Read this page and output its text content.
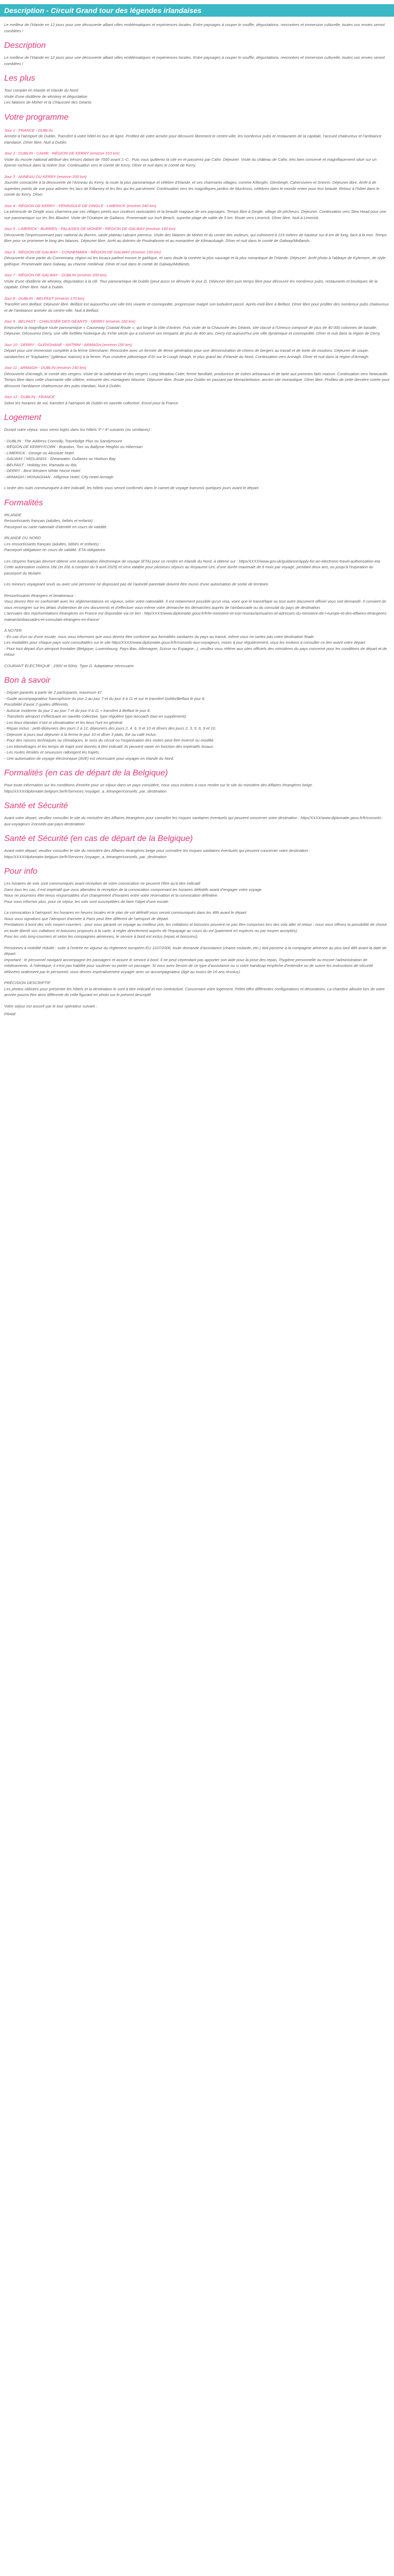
Description - Circuit Grand tour des légendes irlandaises

Le meilleur de l'Irlande en 12 jours pour une découverte alliant villes emblématiques et expériences locales. Entre paysages à couper le souffle, dégustations, rencontres et immersion culturelle, toutes vos envies seront comblées !

Description

Le meilleur de l'Irlande en 12 jours pour une découverte alliant villes emblématiques et expériences locales. Entre paysages à couper le souffle, dégustations, rencontres et immersion culturelle, toutes vos envies seront comblées !

Les plus
Tour complet en Irlande et Irlande du Nord
Visite d'une distillerie de whiskey et dégustation
Les falaises de Moher et la Chaussée des Géants
Votre programme
Jour 1 : FRANCE - DUBLIN
Arrivée à l'aéroport de Dublin. Transfert à votre hôtel en bus de ligne. Profitez de votre arrivée pour découvrir librement le centre-ville, les nombreux pubs et restaurants de la capitale, l'accueil chaleureux et l'ambiance irlandaise. Dîner libre. Nuit à Dublin.
Jour 2 : DUBLIN - CAHIR - RÉGION DE KERRY (environ 310 km)
Visite du musée national attribué des trésors datant de 7000 avant J.-C.. Puis vous quitterez la cité en et passerez par Cahir. Déjeuner. Visite du château de Cahir, très bien conservé et magnifiquement situé sur un éperon rocheux dans la rivière Suir. Continuation vers le comté de Kerry. Dîner et nuit dans le comté de Kerry.
Jour 3 : ANNEAU DU KERRY (environ 200 km)
Journée consacrée à la découverte de l'Anneau du Kerry, la route la plus panoramique et célèbre d'Irlande, et ses charmants villages, comme Killorglin, Glenbeigh, Cahersiveen et Sneem. Déjeuner libre. Arrêt à de superbes points de vue pour admirer les lacs de Killarney et les îles qui les parsèment. Continuation vers les magnifiques jardins de Muckross, célèbres dans le monde entier pour leur beauté. Retour à l'hôtel dans le comté du Kerry. Dîner.
Jour 4 : RÉGION DE KERRY - PÉNINSULE DE DINGLE - LIMERICK (environ 240 km)
La péninsule de Dingle vous charmera par ses villages peints aux couleurs ravissantes et la beauté magique de ses paysages. Temps libre à Dingle, village de pêcheurs. Déjeuner. Continuation vers Slea Head pour une vue panoramique sur les îles Blasket. Visite de l'Oratoire de Gallarus. Promenade sur Inch Beach, superbe plage de sable de 5 km. Route vers Limerick. Dîner libre. Nuit à Limerick.
Jour 5 : LIMERICK - BURREN - FALAISES DE MOHER - RÉGION DE GALWAY (environ 190 km)
Découverte l'impressionnant parc national du Burren, vaste plateau calcaire pierreux. Visite des falaises de Moher et du centre des visiteurs, qui culminent à 215 mètres de hauteur sur 8 km de long, face à la mer. Temps libre pour se promener le long des falaises. Déjeuner libre. Arrêt au dolmen de Poulnabrone et au monastère de Kilmacduagh. Dîner et nuit dans le comté de Galway/Midlands.
Jour 6 : RÉGION DE GALWAY - CONNEMARA - RÉGION DE GALWAY (environ 150 km)
Découverte d'une partie du Connemara, région où les locaux parlent encore le gaélique, et sans doute la contrée la plus sauvage et la plus romantique de l'Irlande. Déjeuner. Arrêt photo à l'abbaye de Kylemore, de style gothique. Promenade dans Galway, au charme médiéval. Dîner et nuit dans le comté de Galway/Midlands.
Jour 7 : RÉGION DE GALWAY - DUBLIN (environ 200 km)
Visite d'une distillerie de whiskey, dégustation à la clé. Tour panoramique de Dublin (peut aussi se dérouler le jour 2). Déjeuner libre puis temps libre pour découvrir les nombreux pubs, restaurants et boutiques de la capitale. Dîner libre. Nuit à Dublin.
Jour 8 : DUBLIN - BELFAST (environ 170 km)
Transfert vers Belfast. Déjeuner libre. Belfast est aujourd'hui une ville très vivante et cosmopolite, progressive malgré son turbulent passé. Après-midi libre à Belfast. Dîner libre pour profiter des nombreux pubs chaleureux et de l'ambiance animée du centre-ville. Nuit à Belfast.
Jour 9 : BELFAST - CHAUSSÉE DES GÉANTS - DERRY (environ 160 km)
Empruntez la magnifique route panoramique « Causeway Coastal Route », qui longe la côte d'Antrim. Puis visite de la Chaussée des Géants, site classé à l'Unesco composé de plus de 40 000 colonnes de basalte. Déjeuner. Découvrez Derry, une ville fortifiée historique du XVIIe siècle qui a conservé ses remparts de plus de 400 ans. Derry est aujourd'hui une ville dynamique et cosmopolite. Dîner et nuit dans la région de Derry.
Jour 10 : DERRY - GLENSHANE - ANTRIM - ARMAGH (environ 150 km)
Départ pour une immersion complète à la ferme Glenshane. Rencontre avec un fermier de 4ème génération pour une démonstration de chiens de bergers au travail et de tonte de moutons. Déjeuner de soupe, sandwiches et "traybakes" (gâteaux maison) à la ferme. Puis croisière pittoresque d'1h sur le Lough Neagh, le plus grand lac d'Irlande du Nord. Continuation vers Armagh. Dîner et nuit dans la région d'Armagh.
Jour 11 : ARMAGH - DUBLIN (environ 140 km)
Découverte d'Armagh, le comté des vergers. Visite de la cathédrale et des vergers Long Meadow Cider, ferme familiale, productrice de cidres artisanaux et de tarte aux pommes faits maison. Continuation vers Newcastle. Temps libre dans cette charmante ville côtière, entourée des montagnes Mourne. Déjeuner libre. Route pour Dublin en passant par Monasterboice, ancien site monastique. Dîner libre. Profitez de cette dernière soirée pour découvrir l'ambiance chaleureuse des pubs irlandais. Nuit à Dublin.
Jour 12 : DUBLIN - FRANCE
Selon les horaires de vol, transfert à l'aéroport de Dublin en navette collective. Envol pour la France.
Logement

Durant votre séjour, vous serez logés dans les hôtels 3* / 4* suivants (ou similaires) :

- DUBLIN : The Address Connolly, Travelodge Plus ou Sandymount
- RÉGION DE KERRY/CORK : Brandon, Torc ou Ballyroe Heights ou Hibernian
- LIMERICK : George ou Absolute Hotel
- GALWAY / MIDLANDS : Shearwater, Gullanes ou Hodson Bay
- BELFAST : Holiday Inn, Ramada ou Ibis
- DERRY : Best Western White Horse Hotel
- ARMAGH / MONAGHAN : Hillgrove Hotel, City Hotel Armagh

L'ordre des nuits communiquée à titre indicatif, les hôtels vous seront confirmés dans le carnet de voyage transmis quelques jours avant le départ.

Formalités
IRLANDE

Ressortissants français (adultes, bébés et enfants) :
Passeport ou carte nationale d'identité en cours de validité.

IRLANDE DU NORD

Les ressortissants français (adultes, bébés et enfants) :
Passeport obligatoire en cours de validité. ETA obligatoire.

Les citoyens français devront obtenir une Autorisation électronique de voyage (ETA) pour se rendre en Irlande du Nord, à obtenir sur : https/XXXX/www.gov.uk/guidance/apply-for-an-electronic-travel-authorisation-eta
Cette autorisation coûtera 16£ (et 20£ à compter du 9 avril 2025) et sera valable pour plusieurs séjours au Royaume-Uni, d'une durée maximale de 6 mois par voyage, pendant deux ans, ou jusqu'à l'expiration du passeport du titulaire.

Les mineurs voyageant seuls ou avec une personne ne disposant pas de l'autorité parentale doivent être munis d'une autorisation de sortie de territoire.

Ressortissants étrangers et binationaux :
Vous devrez être en conformité avec les réglementations en vigueur, selon votre nationalité. Il est notamment possible qu'un visa, voire que le transit/tape ou tout autre document officiel vous soit demandé. Il convient de vous renseigner sur les délais d'obtention de ces documents et d'effectuer vous-même votre démarche les démarches auprès de l'ambassade ou du consulat du pays de destination.
L'annuaire des représentations étrangères en France est disponible via ce lien : http/XXXX/www.diplomatie.gouv.fr/fr/le-ministere-et-son-reseau/annuaires-et-adresses-du-ministere-de-l-europe-et-des-affaires-etrangeres-maeae/ambassades-et-consulats-etrangers-en-france/

À NOTER

- En cas d'un ou d'une escale, nous vous informons que vous devrez être conforme aux formalités sanitaires du pays au transit, même vous ne sortez pas votre destination finale.
Les modalités pour chaque pays sont consultables sur le site https/XXXX/www.diplomatie.gouv.fr/fr/conseils-aux-voyageurs, mises à jour régulièrement, vous les invitons à consulter ce lien avant votre départ.
- Pour tout départ d'un aéroport frontalier (Belgique, Luxembourg, Pays-Bas, Allemagne, Suisse ou Espagne...), veuillez vous référer aux sites officiels des ministères du pays concerné pour les conditions de départ et de retour.

COURANT ÉLECTRIQUE : 230V et 50Hz. Type G. Adaptateur nécessaire.

Bon à savoir
- Départ garantis à partir de 2 participants, maximum 47.
- Guide accompagnateur francophone du jour 2 au jour 7 et du jour 9 à 11 et sur le transfert Dublin/Belfast le jour 8.
Possibilité d'avoir 2 guides différents.
- Autocar moderne du jour 2 au jour 7 et du jour 9 à 11 + transfert à Belfast le jour 8.
- Transferts aéroport s'effectuant en navette collective, type régulière type Aircoach (taxi en supplément).
- Les lieux irlandais n'ont ni climatisation et les lieux l'ont en général.
- Repas inclus : petit-déjeuners des jours 2 à 12, déjeuners des jours 2, 4, 6, 9 et 10 et dîners des jours 2, 3, 5, 6, 9 et 10.
- Déjeuner à jours tout déjeuner à la ferme le jour 10 et dîner 3 plats, thé ou café inclus.
- Pour des raisons techniques ou climatiques, le sens du circuit ou l'organisation des visites peut être inversé ou modifié.
- Les kilométrages et les temps de trajet sont donnés à titre indicatif, ils peuvent varier en fonction des impératifs locaux.
- Les routes étroites et sinueuses rallongent les trajets.
- Une autorisation de voyage électronique (AVE) est nécessaire pour voyager en Irlande du Nord.
Formalités (en cas de départ de la Belgique)

Pour toute information sur les conditions d'entrée pour un séjour dans un pays considéré, nous vous invitons à vous rendre sur le site du ministère des Affaires étrangères belge. https/XXXX/diplomatie.belgium.be/fr/Services /voyager_a_letranger/conseils_par_destination

Santé et Sécurité

Avant votre départ, veuillez consulter le site du ministère des Affaires étrangères pour connaître les risques sanitaires éventuels qui peuvent concerner votre destination : https/XXXX/www.diplomatie.gouv.fr/fr/conseils-aux-voyageurs /conseils-par-pays-destination/

Santé et Sécurité (en cas de départ de la Belgique)

Avant votre départ, veuillez consulter le site du ministère des Affaires étrangères belge pour connaître les risques sanitaires éventuels qui peuvent concerner votre destination : https/XXXX/diplomatie.belgium.be/fr/Services /voyager_a_letranger/conseils_par_destination

Pour info

Les horaires de vols sont communiqués avant réception de votre convocation ne peuvent l'être qu'à titre indicatif.
Dans tous les cas, il est impératif que vous attendiez la réception de la convocation comprenant les horaires définitifs avant d'engager votre voyage.
Nous ne pourrions être tenus responsables d'un changement d'horaires entre votre réservation et la convocation définitive.
Pour vous informer plus, pour ce séjour, les vols sont susceptibles de faire l'objet d'une escale.

La convocation à l'aéroport, les horaires en heures locales et le plan de vol définitif vous seront communiqués dans les 48h avant le départ.
Nous vous signalons que l'aéroport d'arrivée à Paris peut être différent de l'aéroport de départ.
Prestations à bord des vols moyen-courriers : pour vous garantir un voyage au meilleur prix, les collations et boissons peuvent ne pas être comprises lors des vols aller et retour ; nous vous offrons la possibilité de choisir en toute liberté vos collations et boissons proposés à la carte, à régler directement auprès de l'équipage au cours du vol (paiement en espèces ou par moyen acceptés).
Pour les vols long-courriers et selon les compagnies aériennes, le service à bord est inclus (repas et boissons).

Personnes à mobilité réduite : suite à l'entrée en vigueur du règlement européen EU 1107/2006, toute demande d'assistance (chaise roulante, etc.) doit parvenir à la compagnie aérienne au plus tard 48h avant la date de départ.
Important : le personnel navigant accompagne les passagers et assure le service à bord. Il ne peut cependant pas apporter son aide pour la prise des repas, l'hygiène personnelle ou encore l'administration de médicaments. À l'identique, il n'est pas habilité pour soulever ou porter un passager. Si vous avez besoin de ce type d'assistance ou si votre handicap empêche d'entendre ou de suivre les instructions de sécurité délivrées oralement par le personnel, vous devrez impérativement voyager avec un accompagnateur (âgé au moins de 16 ans révolus).

PRÉCISION DESCRIPTIF

Les photos utilisées pour présenter les hôtels et la destination le sont à titre indicatif et non contractuel. Concernant votre logement, l'hôtel offre différentes configurations et décorations. La chambre allouée lors de votre arrivée pourra être ainsi différente de celle figurant en photo sur le présent descriptif.

Votre séjour est assuré par le tour opérateur suivant :
FRAM
